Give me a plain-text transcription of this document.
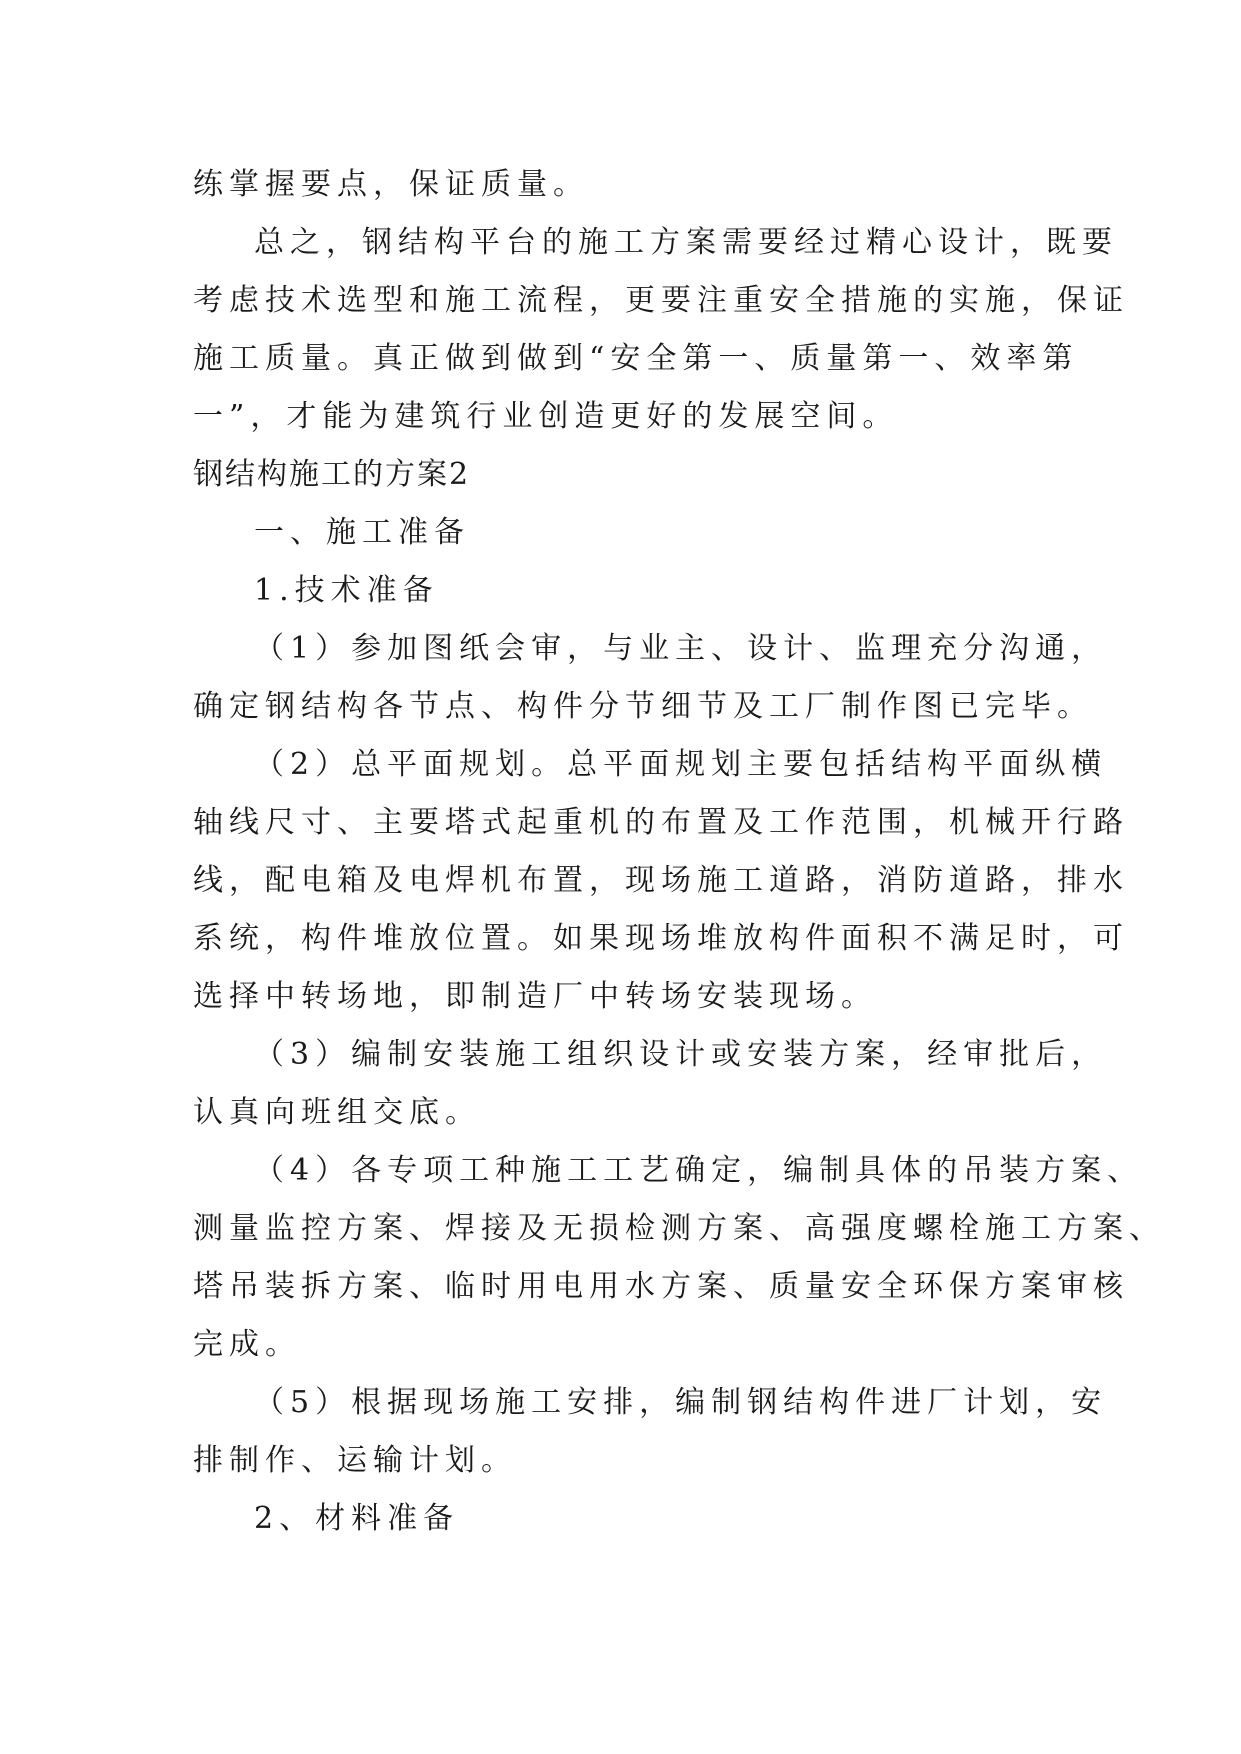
练掌握要点，保证质量。
总之，钢结构平台的施工方案需要经过精心设计，既要
考虑技术选型和施工流程，更要注重安全措施的实施，保证
施工质量。真正做到做到“安全第一、质量第一、效率第
一”，才能为建筑行业创造更好的发展空间。
钢结构施工的方案2
一、施工准备
1.技术准备
（1）参加图纸会审，与业主、设计、监理充分沟通，
确定钢结构各节点、构件分节细节及工厂制作图已完毕。
（2）总平面规划。总平面规划主要包括结构平面纵横
轴线尺寸、主要塔式起重机的布置及工作范围，机械开行路
线，配电箱及电焊机布置，现场施工道路，消防道路，排水
系统，构件堆放位置。如果现场堆放构件面积不满足时，可
选择中转场地，即制造厂中转场安装现场。
（3）编制安装施工组织设计或安装方案，经审批后，
认真向班组交底。
（4）各专项工种施工工艺确定，编制具体的吊装方案、
测量监控方案、焊接及无损检测方案、高强度螺栓施工方案、
塔吊装拆方案、临时用电用水方案、质量安全环保方案审核
完成。
（5）根据现场施工安排，编制钢结构件进厂计划，安
排制作、运输计划。
2、材料准备
